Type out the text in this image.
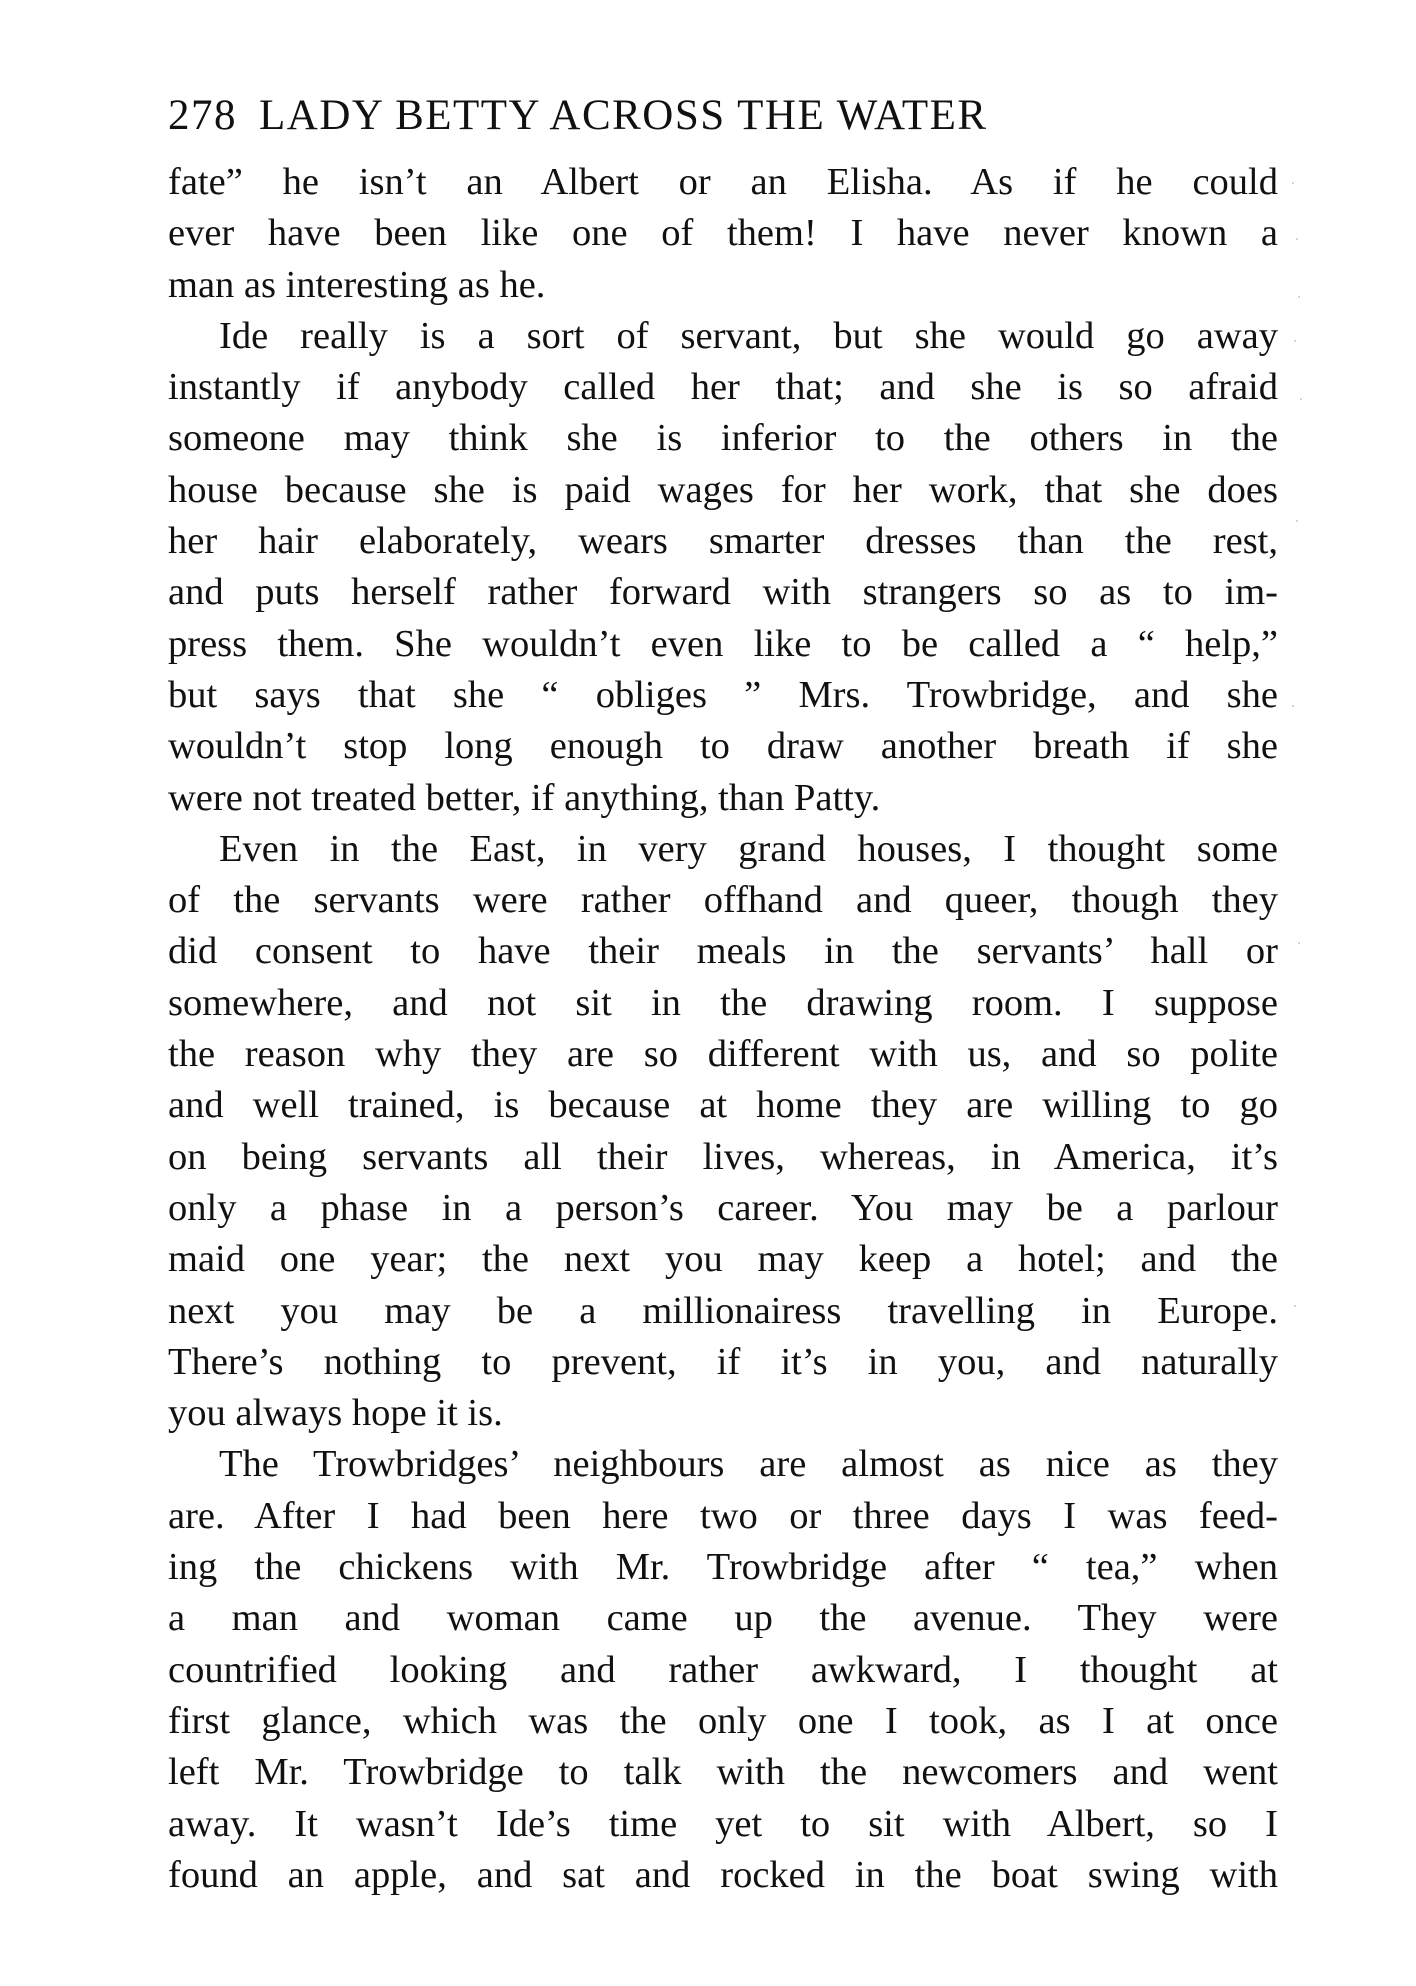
278 LADY BETTY ACROSS THE WATER
fate” he isn’t an Albert or an Elisha. As if he could
ever have been like one of them! I have never known a
man as interesting as he.
Ide really is a sort of servant, but she would go away
instantly if anybody called her that; and she is so afraid
someone may think she is inferior to the others in the
house because she is paid wages for her work, that she does
her hair elaborately, wears smarter dresses than the rest,
and puts herself rather forward with strangers so as to im-
press them. She wouldn’t even like to be called a “ help,”
but says that she “ obliges ” Mrs. Trowbridge, and she
wouldn’t stop long enough to draw another breath if she
were not treated better, if anything, than Patty.
Even in the East, in very grand houses, I thought some
of the servants were rather offhand and queer, though they
did consent to have their meals in the servants’ hall or
somewhere, and not sit in the drawing room. I suppose
the reason why they are so different with us, and so polite
and well trained, is because at home they are willing to go
on being servants all their lives, whereas, in America, it’s
only a phase in a person’s career. You may be a parlour
maid one year; the next you may keep a hotel; and the
next you may be a millionairess travelling in Europe.
There’s nothing to prevent, if it’s in you, and naturally
you always hope it is.
The Trowbridges’ neighbours are almost as nice as they
are. After I had been here two or three days I was feed-
ing the chickens with Mr. Trowbridge after “ tea,” when
a man and woman came up the avenue. They were
countrified looking and rather awkward, I thought at
first glance, which was the only one I took, as I at once
left Mr. Trowbridge to talk with the newcomers and went
away. It wasn’t Ide’s time yet to sit with Albert, so I
found an apple, and sat and rocked in the boat swing with
